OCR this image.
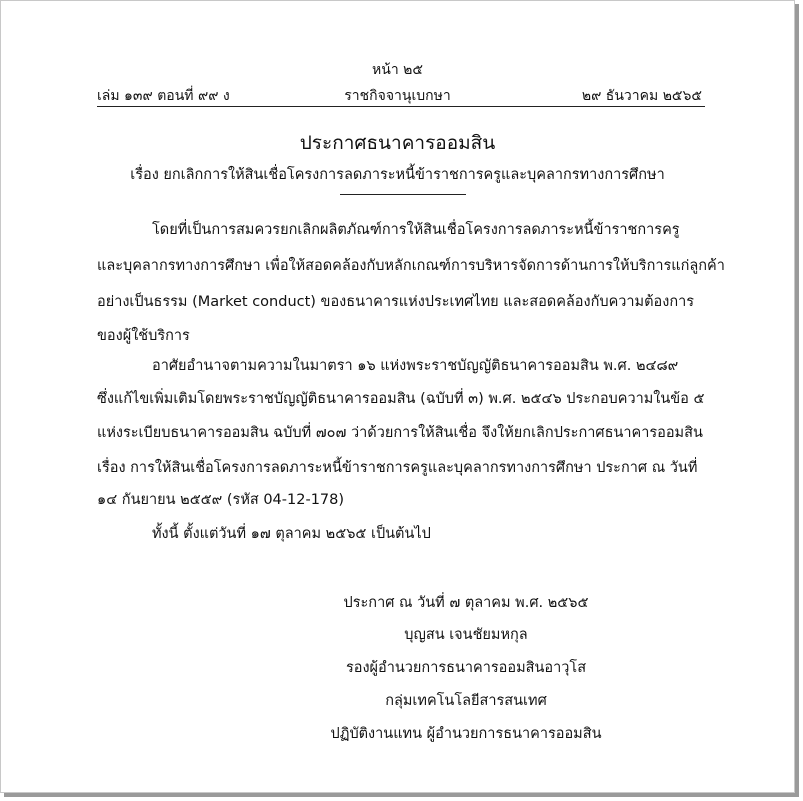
หน้า ๒๕
เล่ม ๑๓๙ ตอนที่ ๙๙ ง	ราชกิจจานุเบกษา	๒๙ ธันวาคม ๒๕๖๕
ประกาศธนาคารออมสิน
เรื่อง ยกเลิกการให้สินเชื่อโครงการลดภาระหนี้ข้าราชการครูและบุคลากรทางการศึกษา
โดยที่เป็นการสมควรยกเลิกผลิตภัณฑ์การให้สินเชื่อโครงการลดภาระหนี้ข้าราชการครู
และบุคลากรทางการศึกษา เพื่อให้สอดคล้องกับหลักเกณฑ์การบริหารจัดการด้านการให้บริการแก่ลูกค้า
อย่างเป็นธรรม (Market conduct) ของธนาคารแห่งประเทศไทย และสอดคล้องกับความต้องการ
ของผู้ใช้บริการ
อาศัยอำนาจตามความในมาตรา ๑๖ แห่งพระราชบัญญัติธนาคารออมสิน พ.ศ. ๒๔๘๙
ซึ่งแก้ไขเพิ่มเติมโดยพระราชบัญญัติธนาคารออมสิน (ฉบับที่ ๓) พ.ศ. ๒๕๔๖ ประกอบความในข้อ ๕
แห่งระเบียบธนาคารออมสิน ฉบับที่ ๗๐๗ ว่าด้วยการให้สินเชื่อ จึงให้ยกเลิกประกาศธนาคารออมสิน
เรื่อง การให้สินเชื่อโครงการลดภาระหนี้ข้าราชการครูและบุคลากรทางการศึกษา ประกาศ ณ วันที่
๑๔ กันยายน ๒๕๕๙ (รหัส 04-12-178)
ทั้งนี้ ตั้งแต่วันที่ ๑๗ ตุลาคม ๒๕๖๕ เป็นต้นไป
ประกาศ ณ วันที่ ๗ ตุลาคม พ.ศ. ๒๕๖๕
บุญสน เจนชัยมหกุล
รองผู้อำนวยการธนาคารออมสินอาวุโส
กลุ่มเทคโนโลยีสารสนเทศ
ปฏิบัติงานแทน ผู้อำนวยการธนาคารออมสิน
